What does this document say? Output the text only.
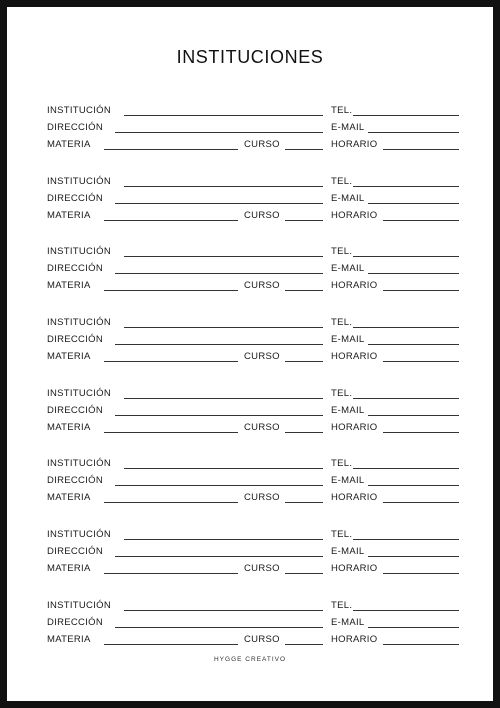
INSTITUCIONES
INSTITUCIÓN	TEL.
DIRECCIÓN	E-MAIL
MATERIA	CURSO	HORARIO
INSTITUCIÓN	TEL.
DIRECCIÓN	E-MAIL
MATERIA	CURSO	HORARIO
INSTITUCIÓN	TEL.
DIRECCIÓN	E-MAIL
MATERIA	CURSO	HORARIO
INSTITUCIÓN	TEL.
DIRECCIÓN	E-MAIL
MATERIA	CURSO	HORARIO
INSTITUCIÓN	TEL.
DIRECCIÓN	E-MAIL
MATERIA	CURSO	HORARIO
INSTITUCIÓN	TEL.
DIRECCIÓN	E-MAIL
MATERIA	CURSO	HORARIO
INSTITUCIÓN	TEL.
DIRECCIÓN	E-MAIL
MATERIA	CURSO	HORARIO
INSTITUCIÓN	TEL.
DIRECCIÓN	E-MAIL
MATERIA	CURSO	HORARIO
HYGGE CREATIVO
